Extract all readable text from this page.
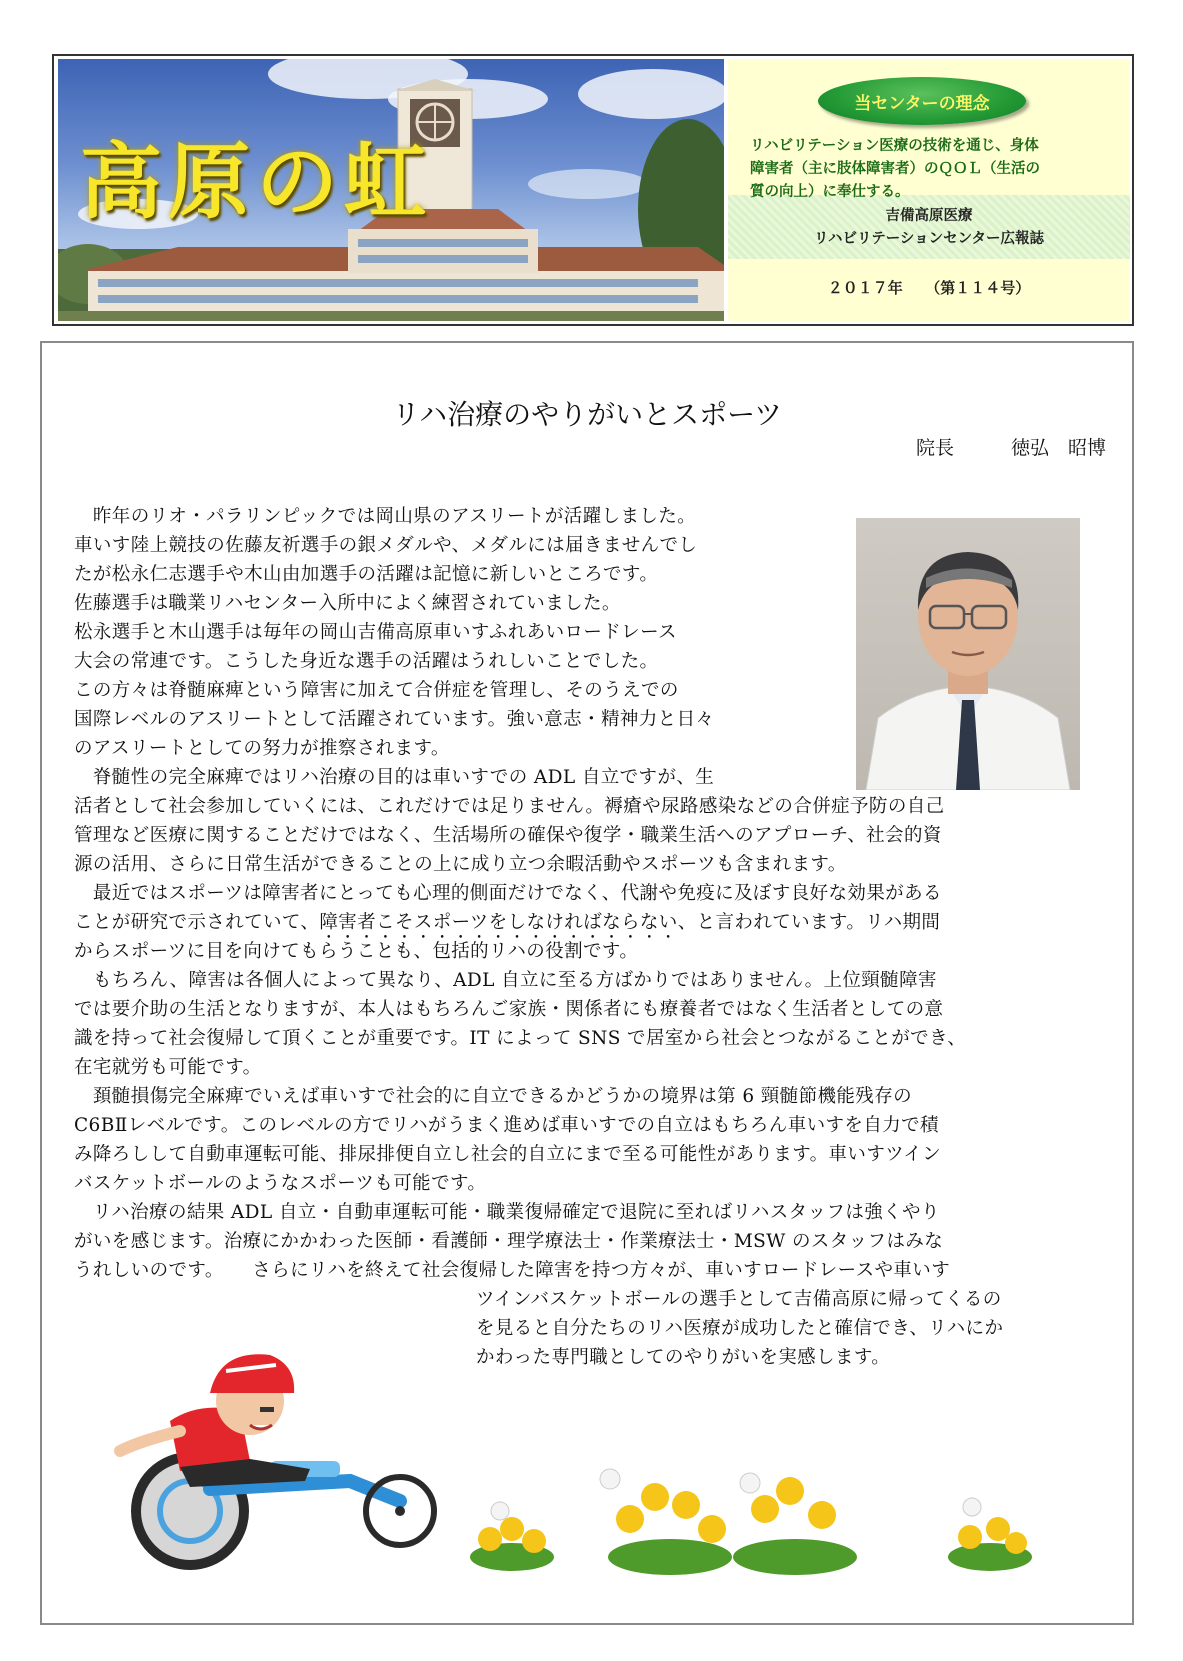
高原の虹
当センターの理念
リハビリテーション医療の技術を通じ、身体
障害者（主に肢体障害者）のＱＯＬ（生活の
質の向上）に奉仕する。
吉備高原医療
リハビリテーションセンター広報誌
２０１７年　　（第１１４号）
リハ治療のやりがいとスポーツ
院長　　　徳弘　昭博
　昨年のリオ・パラリンピックでは岡山県のアスリートが活躍しました。
車いす陸上競技の佐藤友祈選手の銀メダルや、メダルには届きませんでし
たが松永仁志選手や木山由加選手の活躍は記憶に新しいところです。
佐藤選手は職業リハセンター入所中によく練習されていました。
松永選手と木山選手は毎年の岡山吉備高原車いすふれあいロードレース
大会の常連です。こうした身近な選手の活躍はうれしいことでした。
この方々は脊髄麻痺という障害に加えて合併症を管理し、そのうえでの
国際レベルのアスリートとして活躍されています。強い意志・精神力と日々
のアスリートとしての努力が推察されます。
　脊髄性の完全麻痺ではリハ治療の目的は車いすでの ADL 自立ですが、生
活者として社会参加していくには、これだけでは足りません。褥瘡や尿路感染などの合併症予防の自己
管理など医療に関することだけではなく、生活場所の確保や復学・職業生活へのアプローチ、社会的資
源の活用、さらに日常生活ができることの上に成り立つ余暇活動やスポーツも含まれます。
　最近ではスポーツは障害者にとっても心理的側面だけでなく、代謝や免疫に及ぼす良好な効果がある
ことが研究で示されていて、障害者こそスポーツをしなければならない、と言われています。リハ期間
からスポーツに目を向けてもらうことも、包括的リハの役割です。
　もちろん、障害は各個人によって異なり、ADL 自立に至る方ばかりではありません。上位頸髄障害
では要介助の生活となりますが、本人はもちろんご家族・関係者にも療養者ではなく生活者としての意
識を持って社会復帰して頂くことが重要です。IT によって SNS で居室から社会とつながることができ、
在宅就労も可能です。
　頚髄損傷完全麻痺でいえば車いすで社会的に自立できるかどうかの境界は第 6 頸髄節機能残存の
C6BⅡレベルです。このレベルの方でリハがうまく進めば車いすでの自立はもちろん車いすを自力で積
み降ろしして自動車運転可能、排尿排便自立し社会的自立にまで至る可能性があります。車いすツイン
バスケットボールのようなスポーツも可能です。
　リハ治療の結果 ADL 自立・自動車運転可能・職業復帰確定で退院に至ればリハスタッフは強くやり
がいを感じます。治療にかかわった医師・看護師・理学療法士・作業療法士・MSW のスタッフはみな
うれしいのです。　　さらにリハを終えて社会復帰した障害を持つ方々が、車いすロードレースや車いす
ツインバスケットボールの選手として吉備高原に帰ってくるの
を見ると自分たちのリハ医療が成功したと確信でき、リハにか
かわった専門職としてのやりがいを実感します。
